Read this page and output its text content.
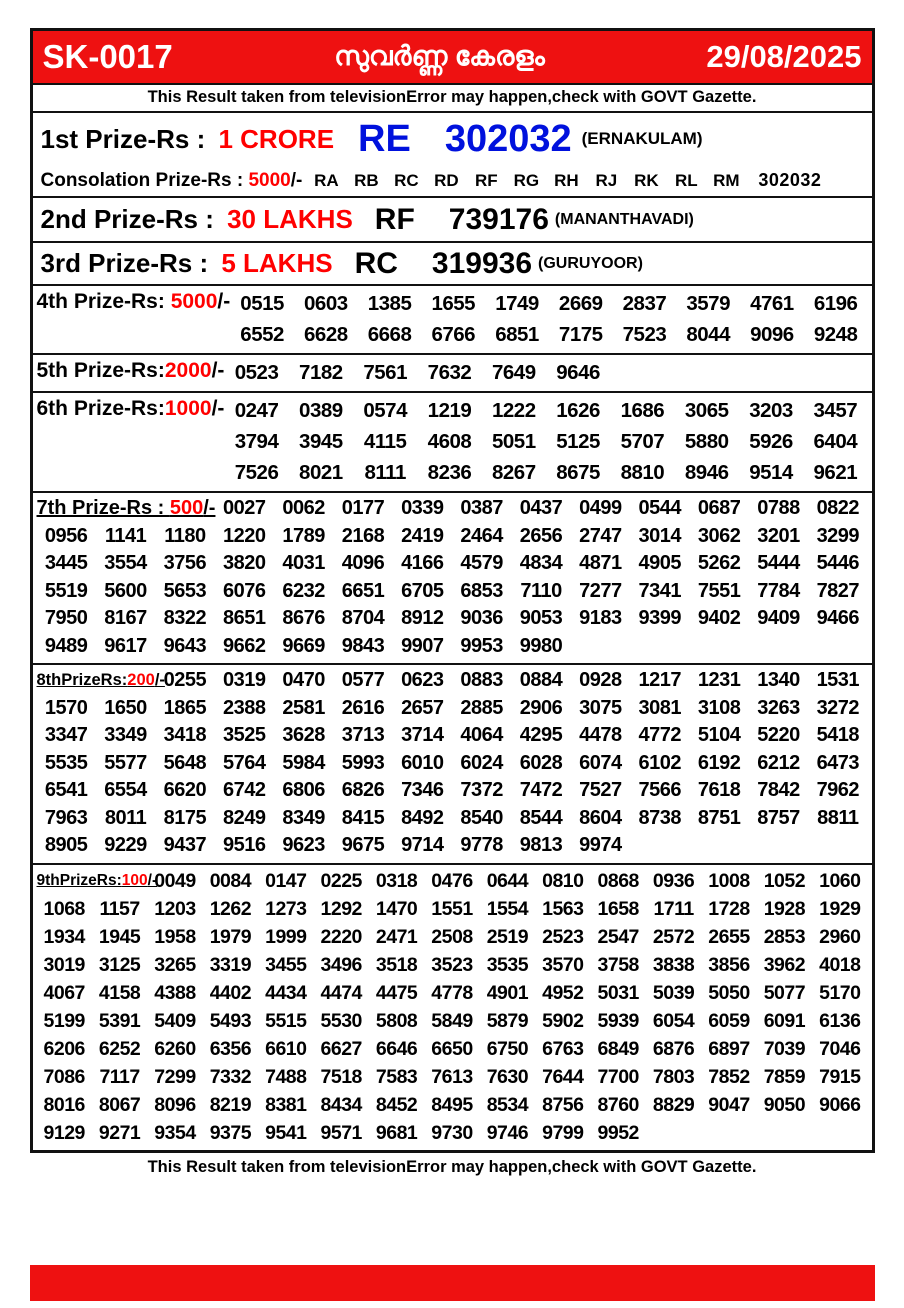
SK-0017	സുവർണ്ണ കേരളം	29/08/2025
This Result taken from televisionError may happen,check with GOVT Gazette.
1st Prize-Rs : 1 CRORE RE 302032 (ERNAKULAM)
Consolation Prize-Rs : 5000/- RA RB RC RD RF RG RH RJ RK RL RM	302032
2nd Prize-Rs : 30 LAKHS RF 739176 (MANANTHAVADI)
3rd Prize-Rs : 5 LAKHS RC 319936 (GURUYOOR)
4th Prize-Rs: 5000/- 0515 0603 1385 1655 1749 2669 2837 3579 4761 6196
6552 6628 6668 6766 6851 7175 7523 8044 9096 9248
5th Prize-Rs:2000/- 0523	7182	7561	7632	7649	9646
6th Prize-Rs:1000/- 0247	0389	0574	1219	1222	1626	1686	3065	3203	3457
3794	3945	4115	4608	5051	5125	5707	5880	5926	6404
7526	8021	8111	8236	8267	8675	8810	8946	9514	9621
7th Prize-Rs : 500/- 0027 0062 0177 0339 0387 0437 0499 0544 0687 0788 0822
0956 1141 1180 1220 1789 2168 2419 2464 2656 2747 3014 3062 3201 3299
3445 3554 3756 3820 4031 4096 4166 4579 4834 4871 4905 5262 5444 5446
5519 5600 5653 6076 6232 6651 6705 6853 7110 7277 7341 7551 7784 7827
7950 8167 8322 8651 8676 8704 8912 9036 9053 9183 9399 9402 9409 9466
9489 9617 9643 9662 9669 9843 9907 9953 9980
8thPrizeRs:200/-
0255 0319 0470 0577 0623 0883 0884 0928 1217 1231 1340 1531
1570 1650 1865 2388 2581 2616 2657 2885 2906 3075 3081 3108 3263 3272
3347 3349 3418 3525 3628 3713 3714 4064 4295 4478 4772 5104 5220 5418
5535 5577 5648 5764 5984 5993 6010 6024 6028 6074 6102 6192 6212 6473
6541 6554 6620 6742 6806 6826 7346 7372 7472 7527 7566 7618 7842 7962
7963 8011 8175 8249 8349 8415 8492 8540 8544 8604 8738 8751 8757 8811
8905 9229 9437 9516 9623 9675 9714 9778 9813 9974
9thPrizeRs:100/-
0049 0084 0147 0225 0318 0476 0644 0810 0868 0936 1008 1052 1060
1068 1157 1203 1262 1273 1292 1470 1551 1554 1563 1658 1711 1728 1928 1929
1934 1945 1958 1979 1999 2220 2471 2508 2519 2523 2547 2572 2655 2853 2960
3019 3125 3265 3319 3455 3496 3518 3523 3535 3570 3758 3838 3856 3962 4018
4067 4158 4388 4402 4434 4474 4475 4778 4901 4952 5031 5039 5050 5077 5170
5199 5391 5409 5493 5515 5530 5808 5849 5879 5902 5939 6054 6059 6091 6136
6206 6252 6260 6356 6610 6627 6646 6650 6750 6763 6849 6876 6897 7039 7046
7086 7117 7299 7332 7488 7518 7583 7613 7630 7644 7700 7803 7852 7859 7915
8016 8067 8096 8219 8381 8434 8452 8495 8534 8756 8760 8829 9047 9050 9066
9129 9271 9354 9375 9541 9571 9681 9730 9746 9799 9952
This Result taken from televisionError may happen,check with GOVT Gazette.
